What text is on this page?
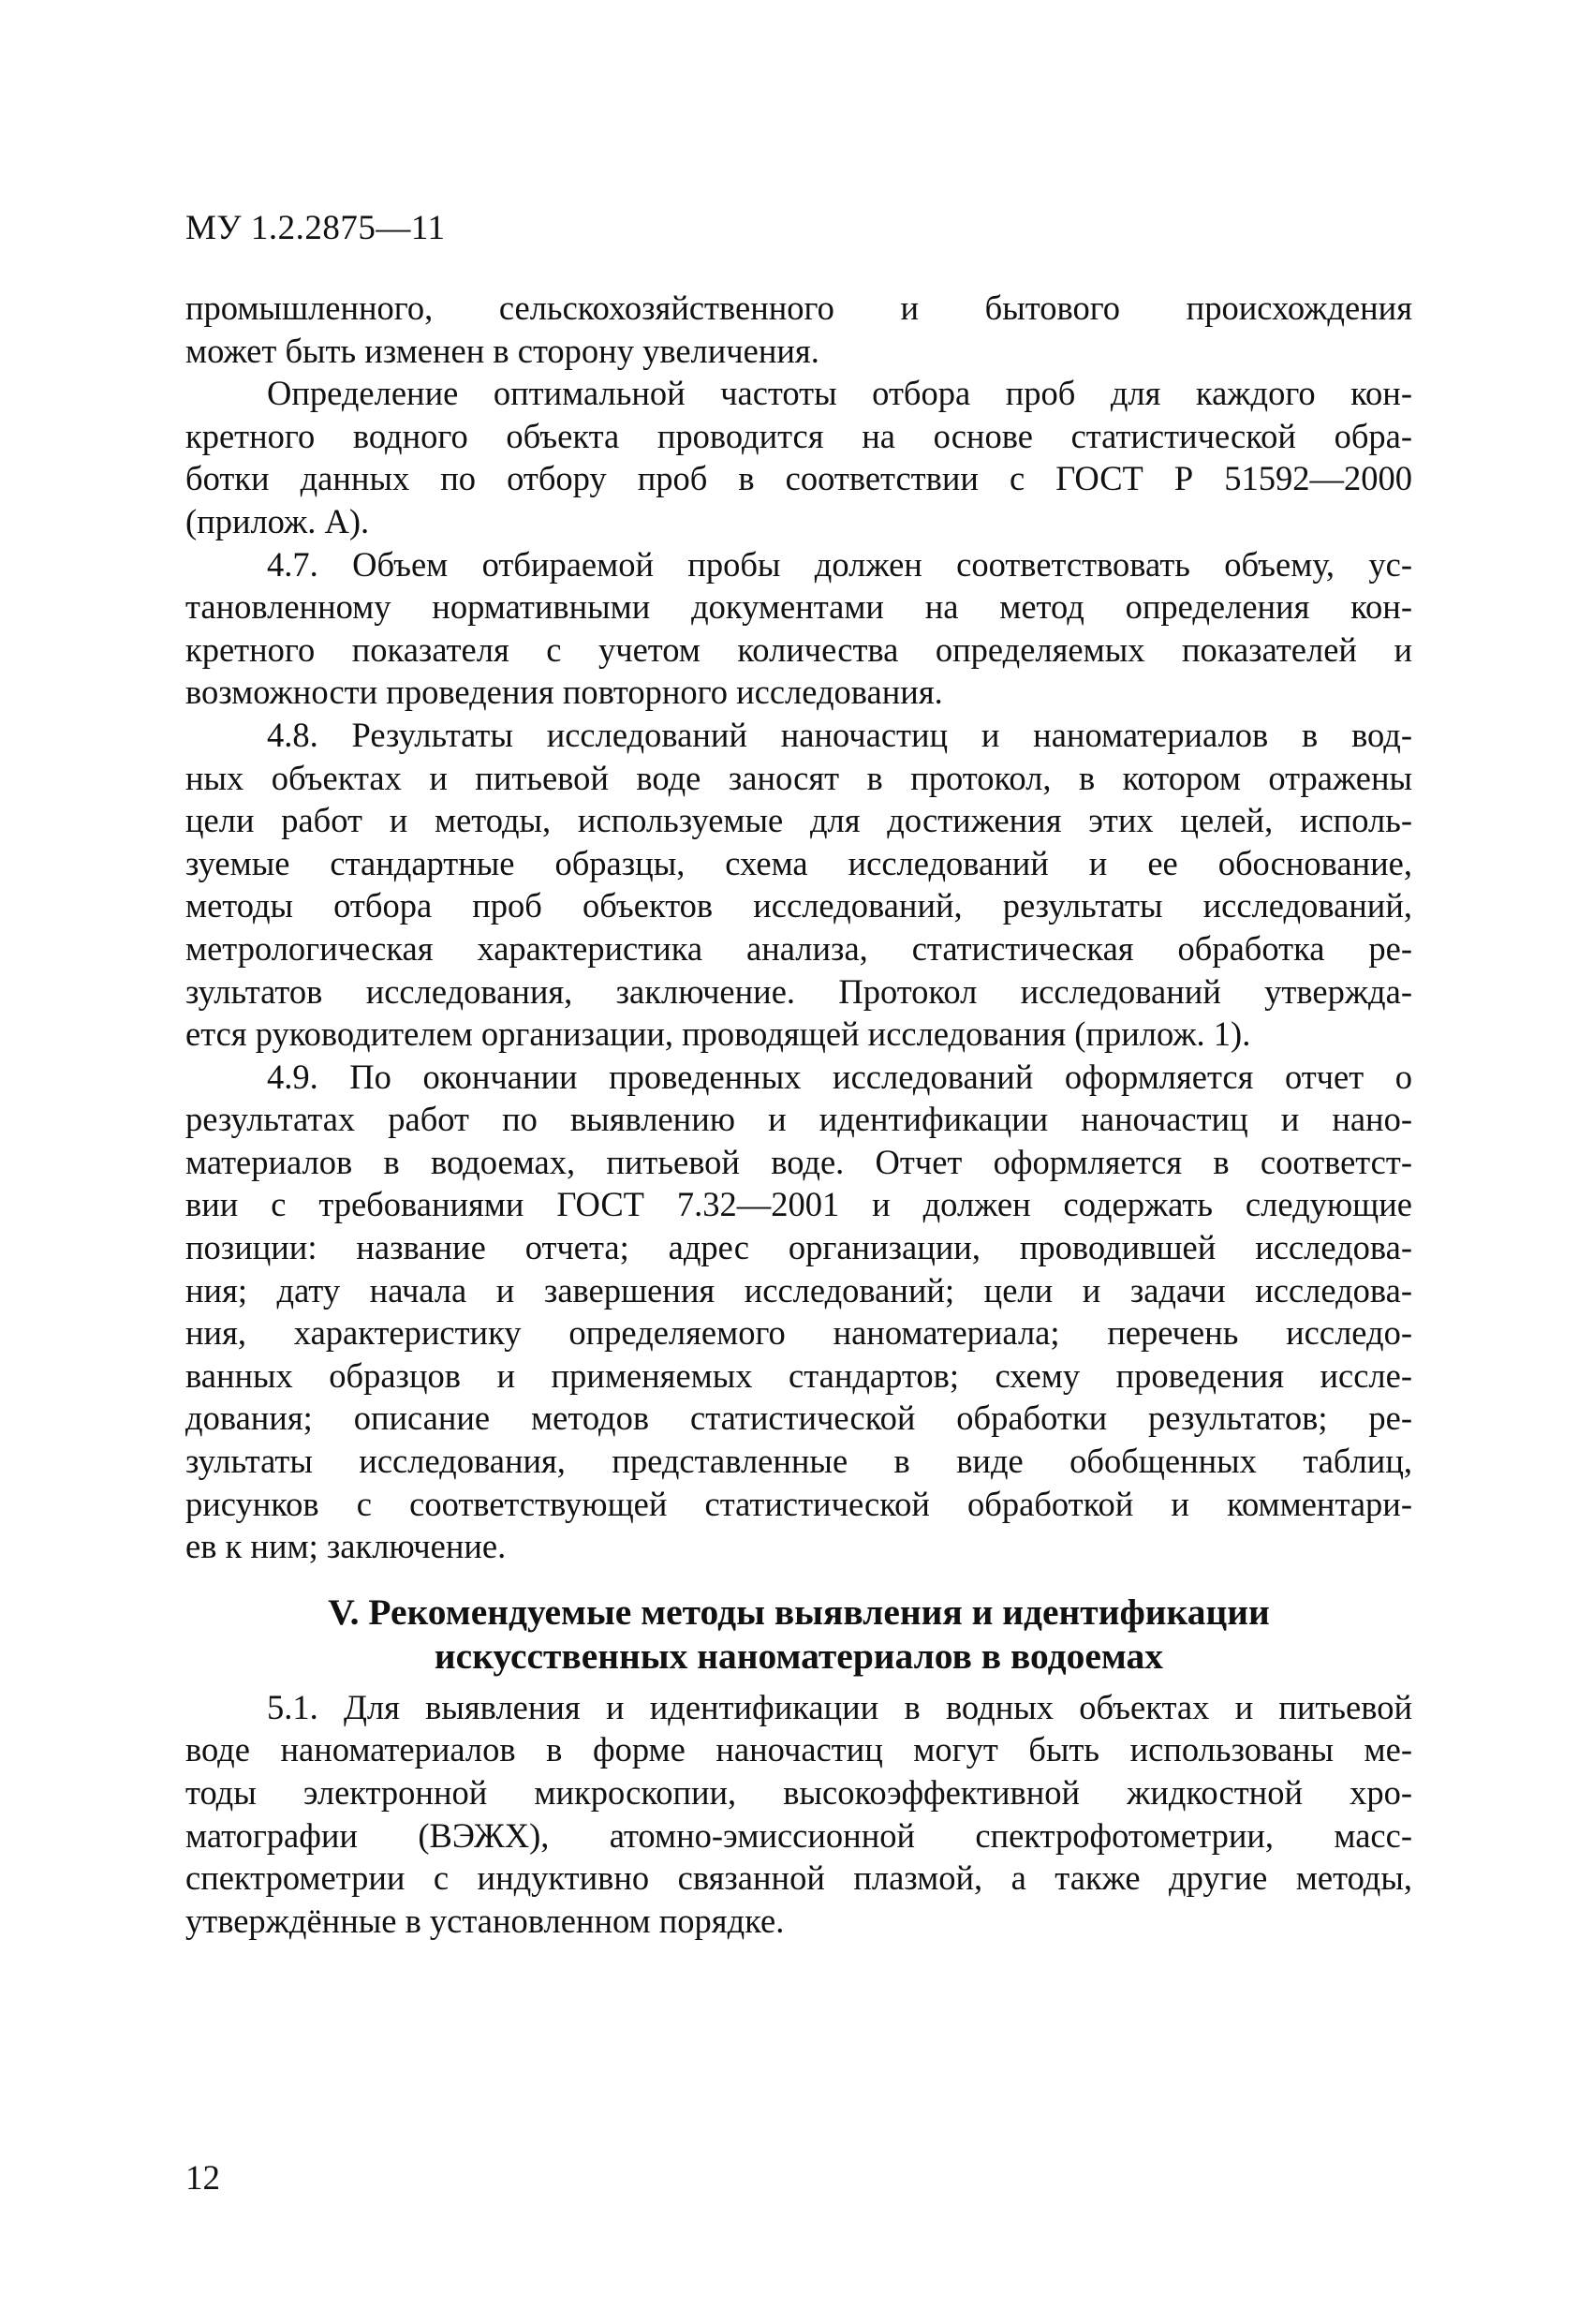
МУ 1.2.2875—11
промышленного, сельскохозяйственного и бытового происхождения
может быть изменен в сторону увеличения.
Определение оптимальной частоты отбора проб для каждого кон-
кретного водного объекта проводится на основе статистической обра-
ботки данных по отбору проб в соответствии с ГОСТ Р 51592—2000
(прилож. А).
4.7. Объем отбираемой пробы должен соответствовать объему, ус-
тановленному нормативными документами на метод определения кон-
кретного показателя с учетом количества определяемых показателей и
возможности проведения повторного исследования.
4.8. Результаты исследований наночастиц и наноматериалов в вод-
ных объектах и питьевой воде заносят в протокол, в котором отражены
цели работ и методы, используемые для достижения этих целей, исполь-
зуемые стандартные образцы, схема исследований и ее обоснование,
методы отбора проб объектов исследований, результаты исследований,
метрологическая характеристика анализа, статистическая обработка ре-
зультатов исследования, заключение. Протокол исследований утвержда-
ется руководителем организации, проводящей исследования (прилож. 1).
4.9. По окончании проведенных исследований оформляется отчет о
результатах работ по выявлению и идентификации наночастиц и нано-
материалов в водоемах, питьевой воде. Отчет оформляется в соответст-
вии с требованиями ГОСТ 7.32—2001 и должен содержать следующие
позиции: название отчета; адрес организации, проводившей исследова-
ния; дату начала и завершения исследований; цели и задачи исследова-
ния, характеристику определяемого наноматериала; перечень исследо-
ванных образцов и применяемых стандартов; схему проведения иссле-
дования; описание методов статистической обработки результатов; ре-
зультаты исследования, представленные в виде обобщенных таблиц,
рисунков с соответствующей статистической обработкой и комментари-
ев к ним; заключение.
V. Рекомендуемые методы выявления и идентификации
искусственных наноматериалов в водоемах
5.1. Для выявления и идентификации в водных объектах и питьевой
воде наноматериалов в форме наночастиц могут быть использованы ме-
тоды электронной микроскопии, высокоэффективной жидкостной хро-
матографии (ВЭЖХ), атомно-эмиссионной спектрофотометрии, масс-
спектрометрии с индуктивно связанной плазмой, а также другие методы,
утверждённые в установленном порядке.
12
